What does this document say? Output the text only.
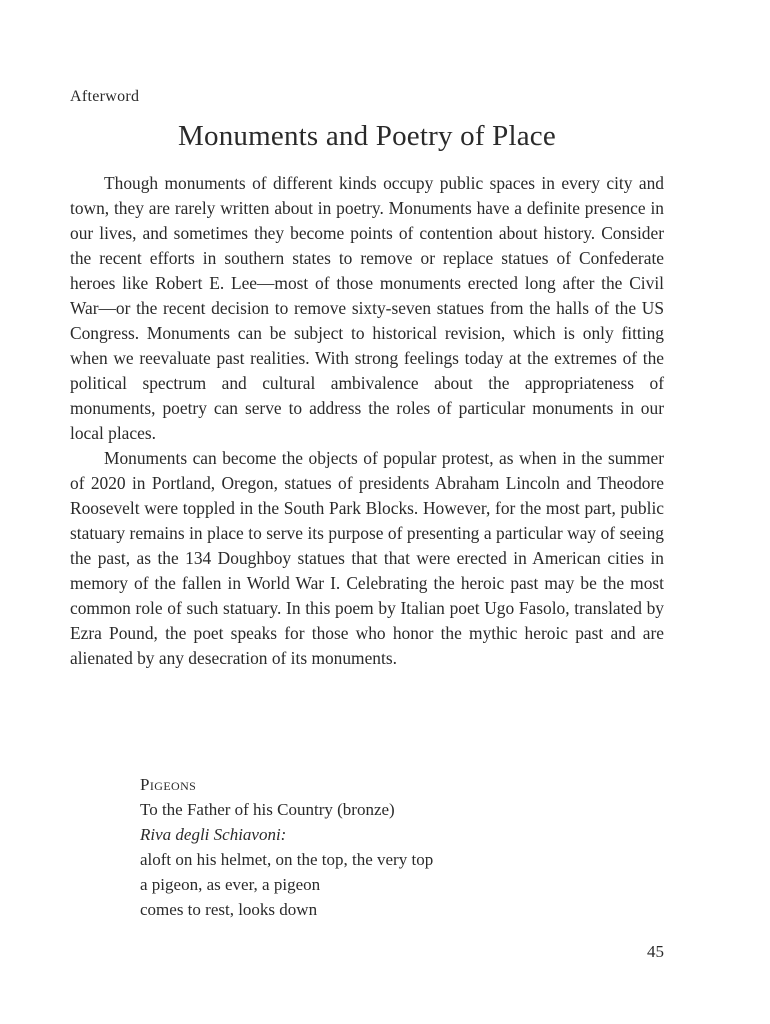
Afterword
Monuments and Poetry of Place

Though monuments of different kinds occupy public spaces in every city and town, they are rarely written about in poetry. Monuments have a definite presence in our lives, and sometimes they become points of contention about history. Consider the recent efforts in southern states to remove or replace statues of Confederate heroes like Robert E. Lee—most of those monuments erected long after the Civil War—or the recent decision to remove sixty-seven statues from the halls of the US Congress. Monuments can be subject to historical revision, which is only fitting when we reevaluate past realities. With strong feelings today at the extremes of the political spectrum and cultural ambivalence about the appropriateness of monuments, poetry can serve to address the roles of particular monuments in our local places.

Monuments can become the objects of popular protest, as when in the summer of 2020 in Portland, Oregon, statues of presidents Abraham Lincoln and Theodore Roosevelt were toppled in the South Park Blocks. However, for the most part, public statuary remains in place to serve its purpose of presenting a particular way of seeing the past, as the 134 Doughboy statues that that were erected in American cities in memory of the fallen in World War I. Celebrating the heroic past may be the most common role of such statuary. In this poem by Italian poet Ugo Fasolo, translated by Ezra Pound, the poet speaks for those who honor the mythic heroic past and are alienated by any desecration of its monuments.

Pigeons
To the Father of his Country (bronze)
Riva degli Schiavoni:
aloft on his helmet, on the top, the very top
a pigeon, as ever, a pigeon
comes to rest, looks down
45
